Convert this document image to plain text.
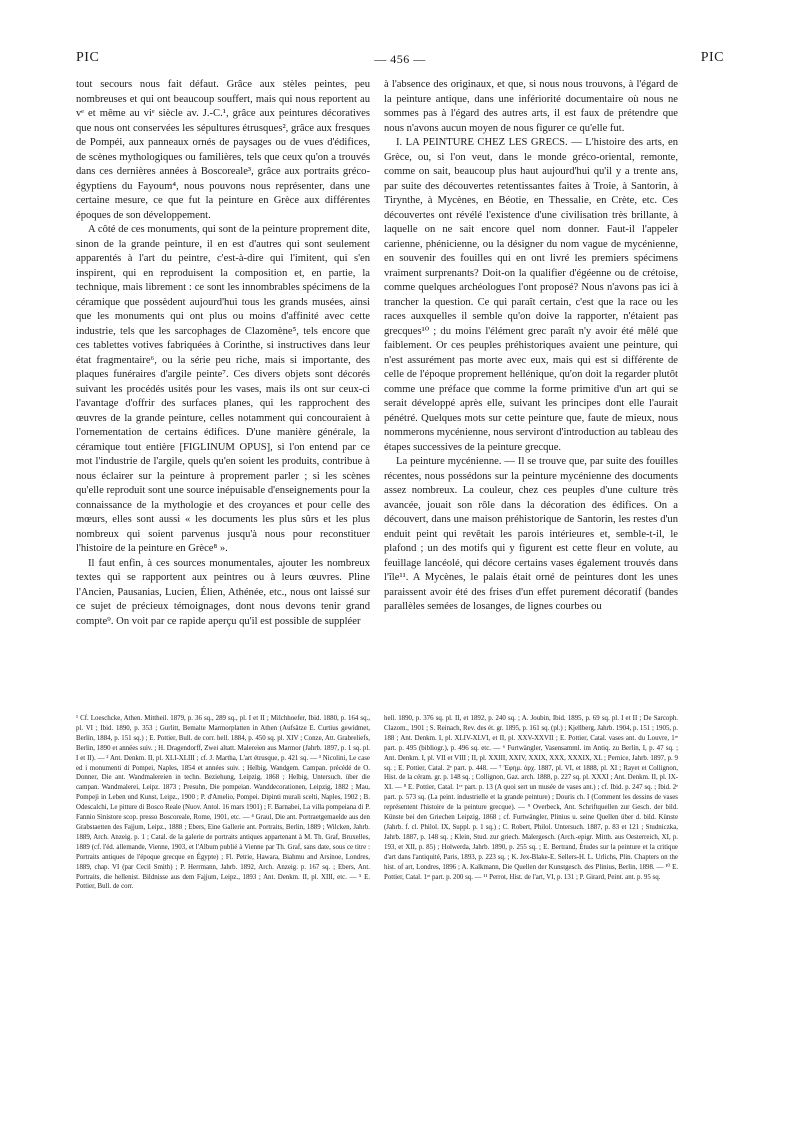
PIC	— 456 —	PIC

tout secours nous fait défaut. Grâce aux stèles peintes, peu nombreuses et qui ont beaucoup souffert, mais qui nous reportent au vᵉ et même au viᵉ siècle av. J.-C.¹, grâce aux peintures décoratives que nous ont conservées les sépultures étrusques², grâce aux fresques de Pompéi, aux panneaux ornés de paysages ou de vues d'édifices, de scènes mythologiques ou familières, tels que ceux qu'on a trouvés dans ces dernières années à Boscoreale³, grâce aux portraits gréco-égyptiens du Fayoum⁴, nous pouvons nous représenter, dans une certaine mesure, ce que fut la peinture en Grèce aux différentes époques de son développement.

A côté de ces monuments, qui sont de la peinture proprement dite, sinon de la grande peinture, il en est d'autres qui sont seulement apparentés à l'art du peintre, c'est-à-dire qui l'imitent, qui s'en inspirent, qui en reproduisent la composition et, en partie, la technique, mais librement : ce sont les innombrables spécimens de la céramique que possèdent aujourd'hui tous les grands musées, ainsi que les monuments qui ont plus ou moins d'affinité avec cette industrie, tels que les sarcophages de Clazomène⁵, tels encore que ces tablettes votives fabriquées à Corinthe, si instructives dans leur état fragmentaire⁶, ou la série peu riche, mais si importante, des plaques funéraires d'argile peinte⁷. Ces divers objets sont décorés suivant les procédés usités pour les vases, mais ils ont sur ceux-ci l'avantage d'offrir des surfaces planes, qui les rapprochent des œuvres de la grande peinture, celles notamment qui concouraient à l'ornementation de certains édifices. D'une manière générale, la céramique tout entière [FIGLINUM OPUS], si l'on entend par ce mot l'industrie de l'argile, quels qu'en soient les produits, contribue à nous éclairer sur la peinture à proprement parler ; si les scènes qu'elle reproduit sont une source inépuisable d'enseignements pour la connaissance de la mythologie et des croyances et pour celle des mœurs, elles sont aussi « les documents les plus sûrs et les plus nombreux qui soient parvenus jusqu'à nous pour reconstituer l'histoire de la peinture en Grèce⁸ ».

Il faut enfin, à ces sources monumentales, ajouter les nombreux textes qui se rapportent aux peintres ou à leurs œuvres. Pline l'Ancien, Pausanias, Lucien, Élien, Athénée, etc., nous ont laissé sur ce sujet de précieux témoignages, dont nous devons tenir grand compte⁹. On voit par ce rapide aperçu qu'il est possible de suppléer

à l'absence des originaux, et que, si nous nous trouvons, à l'égard de la peinture antique, dans une infériorité documentaire où nous ne sommes pas à l'égard des autres arts, il est faux de prétendre que nous n'avons aucun moyen de nous figurer ce qu'elle fut.

I. LA PEINTURE CHEZ LES GRECS. — L'histoire des arts, en Grèce, ou, si l'on veut, dans le monde gréco-oriental, remonte, comme on sait, beaucoup plus haut aujourd'hui qu'il y a trente ans, par suite des découvertes retentissantes faites à Troie, à Santorin, à Tirynthe, à Mycènes, en Béotie, en Thessalie, en Crète, etc. Ces découvertes ont révélé l'existence d'une civilisation très brillante, à laquelle on ne sait encore quel nom donner. Faut-il l'appeler carienne, phénicienne, ou la désigner du nom vague de mycénienne, en souvenir des fouilles qui en ont livré les premiers spécimens vraiment surprenants? Doit-on la qualifier d'égéenne ou de crétoise, comme quelques archéologues l'ont proposé? Nous n'avons pas ici à trancher la question. Ce qui paraît certain, c'est que la race ou les races auxquelles il semble qu'on doive la rapporter, n'étaient pas grecques¹⁰ ; du moins l'élément grec paraît n'y avoir été mêlé que faiblement. Or ces peuples préhistoriques avaient une peinture, qui n'est assurément pas morte avec eux, mais qui est si différente de celle de l'époque proprement hellénique, qu'on doit la regarder plutôt comme une préface que comme la forme primitive d'un art qui se serait développé après elle, suivant les principes dont elle l'aurait pénétré. Quelques mots sur cette peinture que, faute de mieux, nous nommerons mycénienne, nous serviront d'introduction au tableau des étapes successives de la peinture grecque.

La peinture mycénienne. — Il se trouve que, par suite des fouilles récentes, nous possédons sur la peinture mycénienne des documents assez nombreux. La couleur, chez ces peuples d'une culture très avancée, jouait son rôle dans la décoration des édifices. On a découvert, dans une maison préhistorique de Santorin, les restes d'un enduit peint qui revêtait les parois intérieures et, semble-t-il, le plafond ; un des motifs qui y figurent est cette fleur en volute, au feuillage lancéolé, qui décore certains vases également trouvés dans l'île¹¹. A Mycènes, le palais était orné de peintures dont les unes paraissent avoir été des frises d'un effet purement décoratif (bandes parallèles semées de losanges, de lignes courbes ou

¹ Cf. Loeschcke, Athen. Mittheil. 1879, p. 36 sq., 289 sq., pl. I et II ; Milchhoefer, Ibid. 1880, p. 164 sq., pl. VI ; Ibid. 1890, p. 353 ; Gurlitt, Bemalte Marmorplatten in Athen (Aufsätze E. Curtius gewidmet, Berlin, 1884, p. 151 sq.) ; E. Pottier, Bull. de corr. hell. 1884, p. 450 sq. pl. XIV ; Conze, Att. Grabreliefs, Berlin, 1890 et années suiv. ; H. Dragendorff, Zwei altatt. Malereien aus Marmor (Jahrb. 1897, p. 1 sq. pl. I et II). — ² Ant. Denkm. II, pl. XLI-XLIII ; cf. J. Martha, L'art étrusque, p. 421 sq. — ³ Nicolini, Le case ed i monumenti di Pompei, Naples, 1854 et années suiv. ; Helbig, Wandgem. Campan. précédé de O. Donner, Die ant. Wandmalereien in techn. Beziehung, Leipzig, 1868 ; Helbig, Untersuch. über die campan. Wandmalerei, Leipz. 1873 ; Presuhn, Die pompeian. Wanddecorationen, Leipzig, 1882 ; Mau, Pompeji in Leben und Kunst, Leipz., 1900 ; P. d'Amelio, Pompei. Dipinti murali scelti, Naples, 1902 ; B. Odescalchi, Le pitture di Bosco Reale (Nuov. Antol. 16 mars 1901) ; F. Barnabei, La villa pompeiana di P. Fannio Sinistore scop. presso Boscoreale, Rome, 1901, etc. — ⁴ Graul, Die ant. Portraetgemaelde aus den Grabstaetten des Fajjum, Leipz., 1888 ; Ebers, Eine Gallerie ant. Portraits, Berlin, 1889 ; Wilcken, Jahrb. 1889, Arch. Anzeig. p. 1 ; Catal. de la galerie de portraits antiques appartenant à M. Th. Graf, Bruxelles, 1889 (cf. l'éd. allemande, Vienne, 1903, et l'Album publié à Vienne par Th. Graf, sans date, sous ce titre : Portraits antiques de l'époque grecque en Égypte) ; Fl. Petrie, Hawara, Biahmu and Arsinoe, Londres, 1889, chap. VI (par Cecil Smith) ; P. Herrmann, Jahrb. 1892, Arch. Anzeig. p. 167 sq. ; Ebers, Ant. Portraits, die hellenist. Bildnisse aus dem Fajjum, Leipz., 1893 ; Ant. Denkm. II, pl. XIII, etc. — ⁵ E. Pottier, Bull. de corr.

hell. 1890, p. 376 sq. pl. II, et 1892, p. 240 sq. ; A. Joubin, Ibid. 1895, p. 69 sq. pl. I et II ; De Sarcoph. Clazom., 1901 ; S. Reinach, Rev. des ét. gr. 1895, p. 161 sq. (pl.) ; Kjellberg, Jahrb. 1904, p. 151 ; 1905, p. 188 ; Ant. Denkm. I, pl. XLIV-XLVI, et II, pl. XXV-XXVII ; E. Pottier, Catal. vases ant. du Louvre, 1ʳᵉ part. p. 495 (bibliogr.), p. 496 sq. etc. — ⁶ Furtwängler, Vasensamml. im Antiq. zu Berlin, I, p. 47 sq. ; Ant. Denkm. I, pl. VII et VIII ; II, pl. XXIII, XXIV, XXIX, XXX, XXXIX, XL ; Pernice, Jahrb. 1897, p. 9 sq. ; E. Pottier, Catal. 2ᵉ part. p. 448. — ⁷ Ἐφημ. ἀρχ. 1887, pl. VI, et 1888, pl. XI ; Rayet et Collignon, Hist. de la céram. gr. p. 148 sq. ; Collignon, Gaz. arch. 1888, p. 227 sq. pl. XXXI ; Ant. Denkm. II, pl. IX-XI. — ⁸ E. Pottier, Catal. 1ʳᵉ part. p. 13 (A quoi sert un musée de vases ant.) ; cf. Ibid. p. 247 sq. ; Ibid. 2ᵉ part. p. 573 sq. (La peint. industrielle et la grande peinture) ; Douris ch. I (Comment les dessins de vases représentent l'histoire de la peinture grecque). — ⁹ Overbeck, Ant. Schriftquellen zur Gesch. der bild. Künste bei den Griechen Leipzig, 1868 ; cf. Furtwängler, Plinius u. seine Quellen über d. bild. Künste (Jahrb. f. cl. Philol. IX, Suppl. p. 1 sq.) ; C. Robert, Philol. Untersuch. 1887, p. 83 et 121 ; Studniczka, Jahrb. 1887, p. 148 sq. ; Klein, Stud. zur griech. Malergesch. (Arch.-epigr. Mitth. aus Oesterreich, XI, p. 193, et XII, p. 85) ; Holwerda, Jahrb. 1890, p. 255 sq. ; E. Bertrand, Études sur la peinture et la critique d'art dans l'antiquité, Paris, 1893, p. 223 sq. ; K. Jex-Blake-E. Sellers-H. L. Urlichs, Plin. Chapters on the hist. of art, Londres, 1896 ; A. Kalkmann, Die Quellen der Kunstgesch. des Plinius, Berlin, 1898. — ¹⁰ E. Pottier, Catal. 1ʳᵉ part. p. 200 sq. — ¹¹ Perrot, Hist. de l'art, VI, p. 131 ; P. Girard, Peint. ant. p. 95 sq.
